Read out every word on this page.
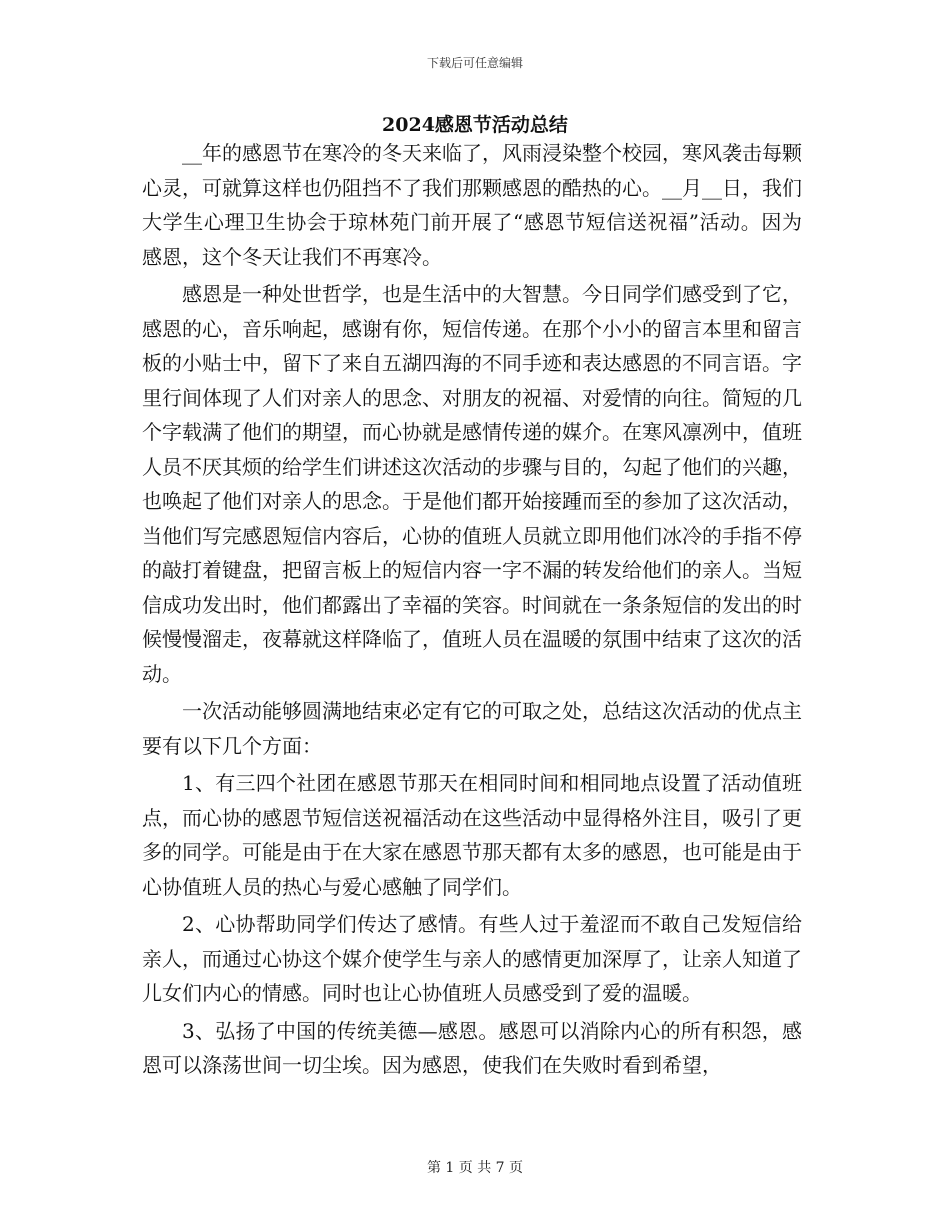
下载后可任意编辑
2024感恩节活动总结

__年的感恩节在寒冷的冬天来临了，风雨浸染整个校园，寒风袭击每颗心灵，可就算这样也仍阻挡不了我们那颗感恩的酷热的心。__月__日，我们大学生心理卫生协会于琼林苑门前开展了“感恩节短信送祝福”活动。因为感恩，这个冬天让我们不再寒冷。

感恩是一种处世哲学，也是生活中的大智慧。今日同学们感受到了它，感恩的心，音乐响起，感谢有你，短信传递。在那个小小的留言本里和留言板的小贴士中，留下了来自五湖四海的不同手迹和表达感恩的不同言语。字里行间体现了人们对亲人的思念、对朋友的祝福、对爱情的向往。简短的几个字载满了他们的期望，而心协就是感情传递的媒介。在寒风凛冽中，值班人员不厌其烦的给学生们讲述这次活动的步骤与目的，勾起了他们的兴趣，也唤起了他们对亲人的思念。于是他们都开始接踵而至的参加了这次活动，当他们写完感恩短信内容后，心协的值班人员就立即用他们冰冷的手指不停的敲打着键盘，把留言板上的短信内容一字不漏的转发给他们的亲人。当短信成功发出时，他们都露出了幸福的笑容。时间就在一条条短信的发出的时候慢慢溜走，夜幕就这样降临了，值班人员在温暖的氛围中结束了这次的活动。

一次活动能够圆满地结束必定有它的可取之处，总结这次活动的优点主要有以下几个方面：

1、有三四个社团在感恩节那天在相同时间和相同地点设置了活动值班点，而心协的感恩节短信送祝福活动在这些活动中显得格外注目，吸引了更多的同学。可能是由于在大家在感恩节那天都有太多的感恩，也可能是由于心协值班人员的热心与爱心感触了同学们。

2、心协帮助同学们传达了感情。有些人过于羞涩而不敢自己发短信给亲人，而通过心协这个媒介使学生与亲人的感情更加深厚了，让亲人知道了儿女们内心的情感。同时也让心协值班人员感受到了爱的温暖。

3、弘扬了中国的传统美德—感恩。感恩可以消除内心的所有积怨，感恩可以涤荡世间一切尘埃。因为感恩，使我们在失败时看到希望，

第 1 页 共 7 页
